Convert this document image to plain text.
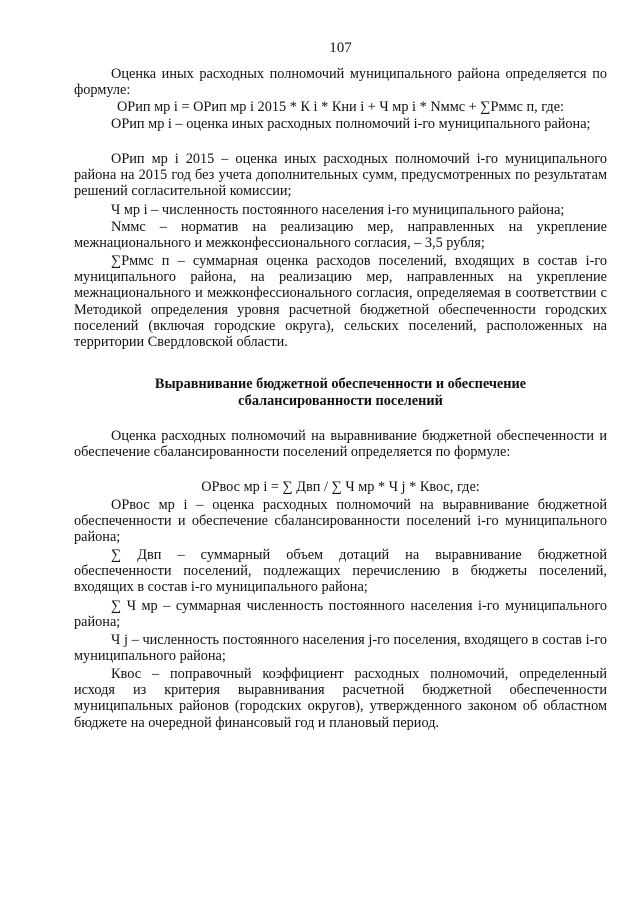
107

Оценка иных расходных полномочий муниципального района определяется по формуле:

ОРип мр i = ОРип мр i 2015 * К i * Кни i + Ч мр i * Nммс + ∑Рммс п, где:

ОРип мр i – оценка иных расходных полномочий i-го муниципального района;

ОРип мр i 2015 – оценка иных расходных полномочий i-го муниципального района на 2015 год без учета дополнительных сумм, предусмотренных по результатам решений согласительной комиссии;

Ч мр i – численность постоянного населения i-го муниципального района;

Nммс – норматив на реализацию мер, направленных на укрепление межнационального и межконфессионального согласия, – 3,5 рубля;

∑Рммс п – суммарная оценка расходов поселений, входящих в состав i-го муниципального района, на реализацию мер, направленных на укрепление межнационального и межконфессионального согласия, определяемая в соответствии с Методикой определения уровня расчетной бюджетной обеспеченности городских поселений (включая городские округа), сельских поселений, расположенных на территории Свердловской области.

Выравнивание бюджетной обеспеченности и обеспечение
сбалансированности поселений

Оценка расходных полномочий на выравнивание бюджетной обеспеченности и обеспечение сбалансированности поселений определяется по формуле:

ОРвос мр i = ∑ Двп / ∑ Ч мр * Ч j * Квос, где:

ОРвос мр i – оценка расходных полномочий на выравнивание бюджетной обеспеченности и обеспечение сбалансированности поселений i-го муниципального района;

∑ Двп – суммарный объем дотаций на выравнивание бюджетной обеспеченности поселений, подлежащих перечислению в бюджеты поселений, входящих в состав i-го муниципального района;

∑ Ч мр – суммарная численность постоянного населения i-го муниципального района;

Ч j – численность постоянного населения j-го поселения, входящего в состав i-го муниципального района;

Квос – поправочный коэффициент расходных полномочий, определенный исходя из критерия выравнивания расчетной бюджетной обеспеченности муниципальных районов (городских округов), утвержденного законом об областном бюджете на очередной финансовый год и плановый период.
